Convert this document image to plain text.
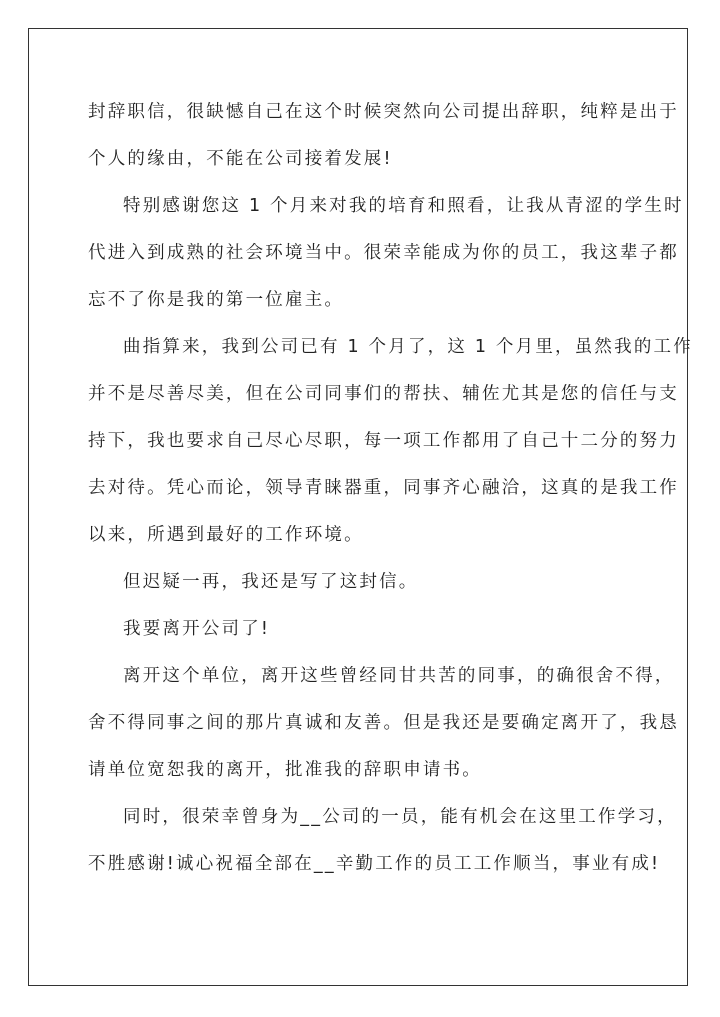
封辞职信，很缺憾自己在这个时候突然向公司提出辞职，纯粹是出于
个人的缘由，不能在公司接着发展!
特别感谢您这 1 个月来对我的培育和照看，让我从青涩的学生时
代进入到成熟的社会环境当中。很荣幸能成为你的员工，我这辈子都
忘不了你是我的第一位雇主。
曲指算来，我到公司已有 1 个月了，这 1 个月里，虽然我的工作
并不是尽善尽美，但在公司同事们的帮扶、辅佐尤其是您的信任与支
持下，我也要求自己尽心尽职，每一项工作都用了自己十二分的努力
去对待。凭心而论，领导青睐器重，同事齐心融洽，这真的是我工作
以来，所遇到最好的工作环境。
但迟疑一再，我还是写了这封信。
我要离开公司了!
离开这个单位，离开这些曾经同甘共苦的同事，的确很舍不得，
舍不得同事之间的那片真诚和友善。但是我还是要确定离开了，我恳
请单位宽恕我的离开，批准我的辞职申请书。
同时，很荣幸曾身为__公司的一员，能有机会在这里工作学习，
不胜感谢!诚心祝福全部在__辛勤工作的员工工作顺当，事业有成!
